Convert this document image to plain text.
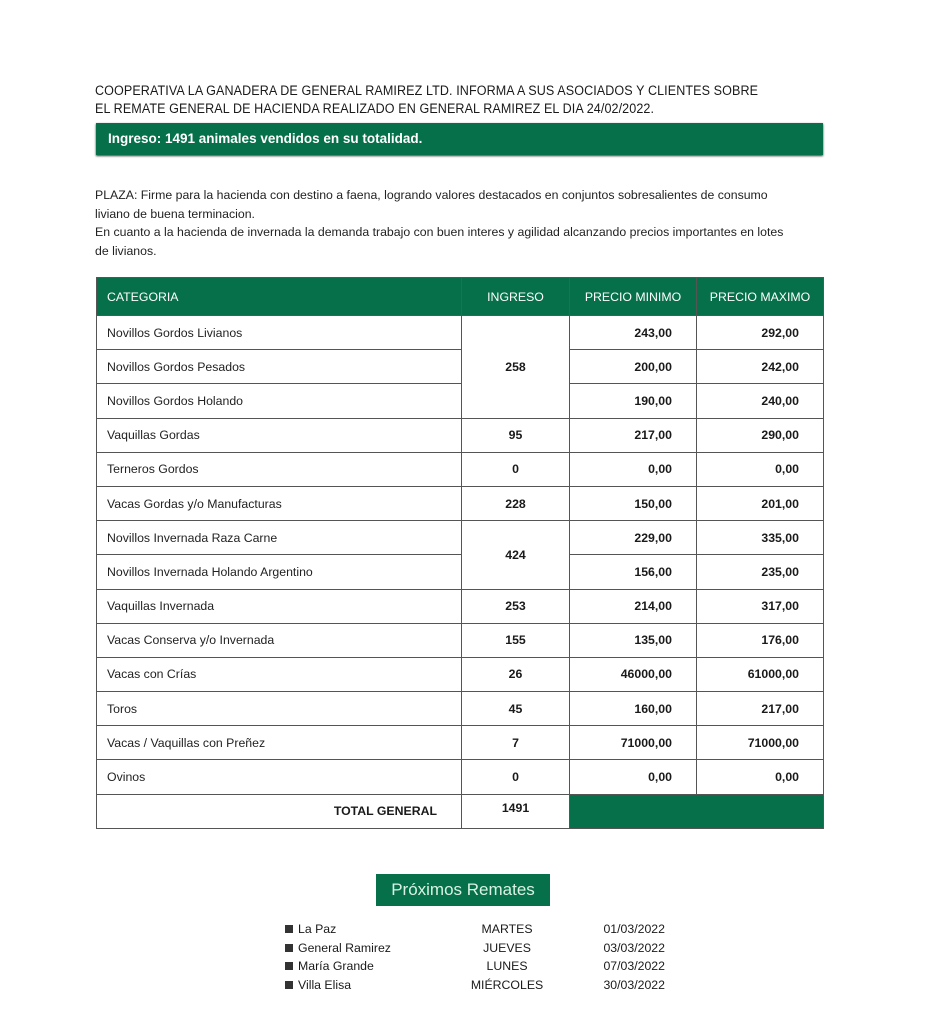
COOPERATIVA LA GANADERA DE GENERAL RAMIREZ LTD. INFORMA A SUS ASOCIADOS Y CLIENTES SOBRE
EL REMATE GENERAL DE HACIENDA REALIZADO EN GENERAL RAMIREZ EL DIA 24/02/2022.
Ingreso: 1491 animales vendidos en su totalidad.

PLAZA: Firme para la hacienda con destino a faena, logrando valores destacados en conjuntos sobresalientes de consumo liviano de buena terminacion.

En cuanto a la hacienda de invernada la demanda trabajo con buen interes y agilidad alcanzando precios importantes en lotes de livianos.

CATEGORIA	INGRESO	PRECIO MINIMO	PRECIO MAXIMO
Novillos Gordos Livianos	258	243,00	292,00
Novillos Gordos Pesados		200,00	242,00
Novillos Gordos Holando		190,00	240,00
Vaquillas Gordas	95	217,00	290,00
Terneros Gordos	0	0,00	0,00
Vacas Gordas y/o Manufacturas	228	150,00	201,00
Novillos Invernada Raza Carne	424	229,00	335,00
Novillos Invernada Holando Argentino		156,00	235,00
Vaquillas Invernada	253	214,00	317,00
Vacas Conserva y/o Invernada	155	135,00	176,00
Vacas con Crías	26	46000,00	61000,00
Toros	45	160,00	217,00
Vacas / Vaquillas con Preñez	7	71000,00	71000,00
Ovinos	0	0,00	0,00
TOTAL GENERAL	1491		
Próximos Remates
La Paz	MARTES	01/03/2022
General Ramirez	JUEVES	03/03/2022
María Grande	LUNES	07/03/2022
Villa Elisa	MIÉRCOLES	30/03/2022
